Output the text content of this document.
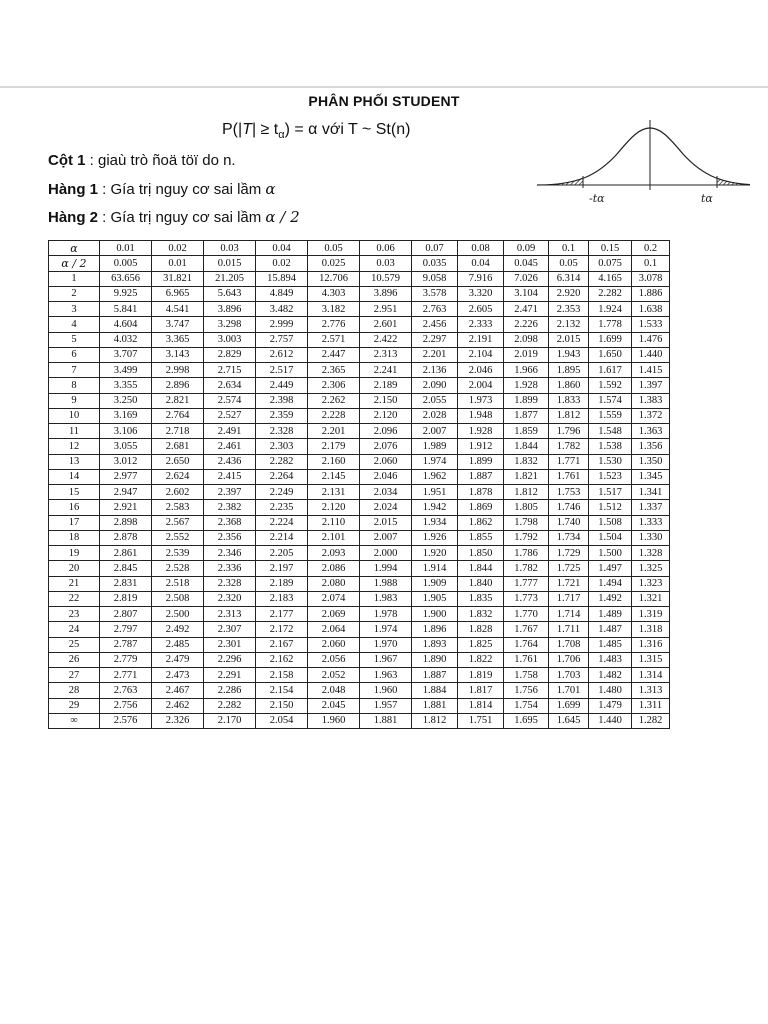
PHÂN PHỐI STUDENT
$P(|T| \ge t_\alpha) = \alpha$ với T ~ St(n)
Cột 1 : giaù trò ñoä töï do n.
Hàng 1 : Gía trị nguy cơ sai lầm α
Hàng 2 : Gía trị nguy cơ sai lầm α / 2
-tα	tα
α	0.01	0.02	0.03	0.04	0.05	0.06	0.07	0.08	0.09	0.1	0.15	0.2
α / 2	0.005	0.01	0.015	0.02	0.025	0.03	0.035	0.04	0.045	0.05	0.075	0.1
1	63.656	31.821	21.205	15.894	12.706	10.579	9.058	7.916	7.026	6.314	4.165	3.078
2	9.925	6.965	5.643	4.849	4.303	3.896	3.578	3.320	3.104	2.920	2.282	1.886
3	5.841	4.541	3.896	3.482	3.182	2.951	2.763	2.605	2.471	2.353	1.924	1.638
4	4.604	3.747	3.298	2.999	2.776	2.601	2.456	2.333	2.226	2.132	1.778	1.533
5	4.032	3.365	3.003	2.757	2.571	2.422	2.297	2.191	2.098	2.015	1.699	1.476
6	3.707	3.143	2.829	2.612	2.447	2.313	2.201	2.104	2.019	1.943	1.650	1.440
7	3.499	2.998	2.715	2.517	2.365	2.241	2.136	2.046	1.966	1.895	1.617	1.415
8	3.355	2.896	2.634	2.449	2.306	2.189	2.090	2.004	1.928	1.860	1.592	1.397
9	3.250	2.821	2.574	2.398	2.262	2.150	2.055	1.973	1.899	1.833	1.574	1.383
10	3.169	2.764	2.527	2.359	2.228	2.120	2.028	1.948	1.877	1.812	1.559	1.372
11	3.106	2.718	2.491	2.328	2.201	2.096	2.007	1.928	1.859	1.796	1.548	1.363
12	3.055	2.681	2.461	2.303	2.179	2.076	1.989	1.912	1.844	1.782	1.538	1.356
13	3.012	2.650	2.436	2.282	2.160	2.060	1.974	1.899	1.832	1.771	1.530	1.350
14	2.977	2.624	2.415	2.264	2.145	2.046	1.962	1.887	1.821	1.761	1.523	1.345
15	2.947	2.602	2.397	2.249	2.131	2.034	1.951	1.878	1.812	1.753	1.517	1.341
16	2.921	2.583	2.382	2.235	2.120	2.024	1.942	1.869	1.805	1.746	1.512	1.337
17	2.898	2.567	2.368	2.224	2.110	2.015	1.934	1.862	1.798	1.740	1.508	1.333
18	2.878	2.552	2.356	2.214	2.101	2.007	1.926	1.855	1.792	1.734	1.504	1.330
19	2.861	2.539	2.346	2.205	2.093	2.000	1.920	1.850	1.786	1.729	1.500	1.328
20	2.845	2.528	2.336	2.197	2.086	1.994	1.914	1.844	1.782	1.725	1.497	1.325
21	2.831	2.518	2.328	2.189	2.080	1.988	1.909	1.840	1.777	1.721	1.494	1.323
22	2.819	2.508	2.320	2.183	2.074	1.983	1.905	1.835	1.773	1.717	1.492	1.321
23	2.807	2.500	2.313	2.177	2.069	1.978	1.900	1.832	1.770	1.714	1.489	1.319
24	2.797	2.492	2.307	2.172	2.064	1.974	1.896	1.828	1.767	1.711	1.487	1.318
25	2.787	2.485	2.301	2.167	2.060	1.970	1.893	1.825	1.764	1.708	1.485	1.316
26	2.779	2.479	2.296	2.162	2.056	1.967	1.890	1.822	1.761	1.706	1.483	1.315
27	2.771	2.473	2.291	2.158	2.052	1.963	1.887	1.819	1.758	1.703	1.482	1.314
28	2.763	2.467	2.286	2.154	2.048	1.960	1.884	1.817	1.756	1.701	1.480	1.313
29	2.756	2.462	2.282	2.150	2.045	1.957	1.881	1.814	1.754	1.699	1.479	1.311
∞	2.576	2.326	2.170	2.054	1.960	1.881	1.812	1.751	1.695	1.645	1.440	1.282
